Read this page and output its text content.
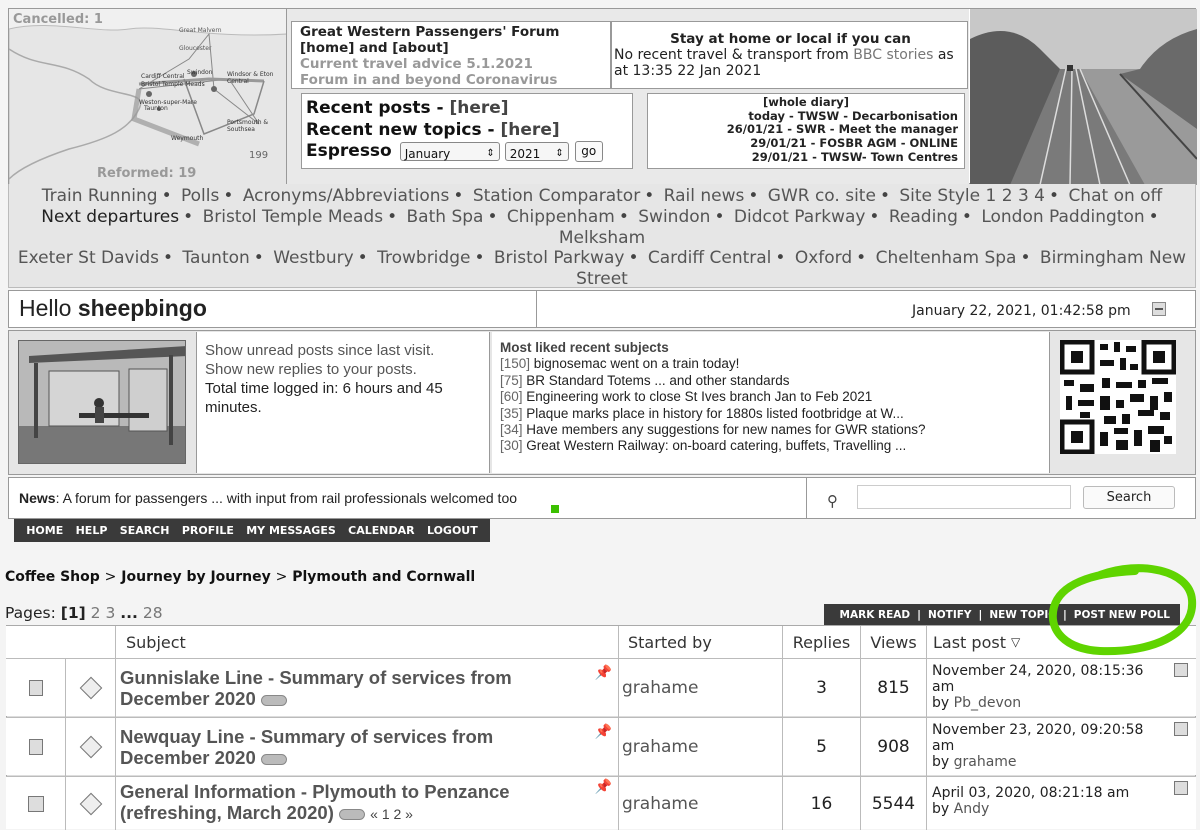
Cancelled: 1
Great Malvern
Gloucester
Cardiff Central
Bristol Temple Meads
Swindon Windsor & Eton Central
Weston-super-Mare
Taunton
Portsmouth & Southsea
Weymouth
199
Reformed: 19
Great Western Passengers' Forum
[home] and [about]
Current travel advice 5.1.2021
Forum in and beyond Coronavirus
Stay at home or local if you can
No recent travel & transport from BBC stories as at 13:35 22 Jan 2021
Recent posts - [here]
Recent new topics - [here]
Espresso	January	⇕	2021 ⇕	go
[whole diary]
today - TWSW - Decarbonisation
26/01/21 - SWR - Meet the manager
29/01/21 - FOSBR AGM - ONLINE
29/01/21 - TWSW- Town Centres
Train Running • Polls • Acronyms/Abbreviations • Station Comparator • Rail news • GWR co. site • Site Style 1 2 3 4 • Chat on off
Next departures • Bristol Temple Meads • Bath Spa • Chippenham • Swindon • Didcot Parkway • Reading • London Paddington •
Melksham
Exeter St Davids • Taunton • Westbury • Trowbridge • Bristol Parkway • Cardiff Central • Oxford • Cheltenham Spa • Birmingham New
Street
Hello sheepbingo	January 22, 2021, 01:42:58 pm
Show unread posts since last visit.
Show new replies to your posts.
Total time logged in: 6 hours and 45 minutes.
Most liked recent subjects
[150] bignosemac went on a train today!
[75] BR Standard Totems ... and other standards
[60] Engineering work to close St Ives branch Jan to Feb 2021
[35] Plaque marks place in history for 1880s listed footbridge at W...
[34] Have members any suggestions for new names for GWR stations?
[30] Great Western Railway: on-board catering, buffets, Travelling ...
News: A forum for passengers ... with input from rail professionals welcomed too	⚲	Search
HOME HELP SEARCH PROFILE MY MESSAGES CALENDAR LOGOUT
Coffee Shop > Journey by Journey > Plymouth and Cornwall
Pages: [1] 2 3 ... 28	MARK READ | NOTIFY | NEW TOPIC | POST NEW POLL
Subject	Started by	Replies	Views	Last post ▽
Gunnislake Line - Summary of services from
December 2020
📌
grahame	3	815
November 24, 2020, 08:15:36
am
by Pb_devon
Newquay Line - Summary of services from
December 2020
📌
grahame	5	908
November 23, 2020, 09:20:58
am
by grahame
General Information - Plymouth to Penzance
(refreshing, March 2020)	« 1 2 »
📌
grahame	16	5544
April 03, 2020, 08:21:18 am
by Andy
